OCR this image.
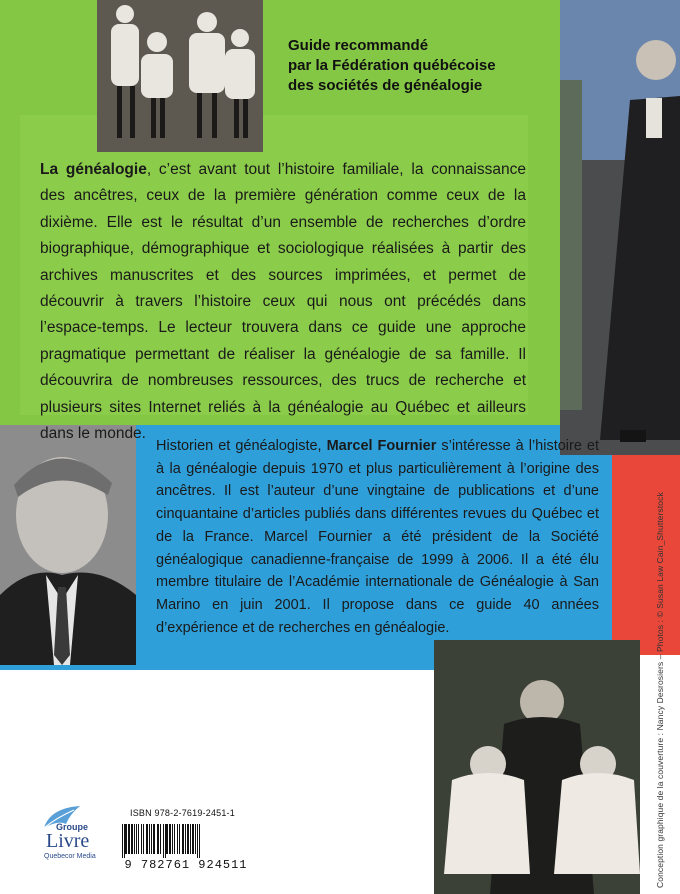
Guide recommandé
par la Fédération québécoise
des sociétés de généalogie
La généalogie, c’est avant tout l’histoire familiale, la connaissance des ancêtres, ceux de la première génération comme ceux de la dixième. Elle est le résultat d’un ensemble de recherches d’ordre biographique, démographique et sociologique réalisées à partir des archives manuscrites et des sources imprimées, et permet de découvrir à travers l’histoire ceux qui nous ont précédés dans l’espace-temps. Le lecteur trouvera dans ce guide une approche pragmatique permettant de réaliser la généalogie de sa famille. Il découvrira de nombreuses ressources, des trucs de recherche et plusieurs sites Internet reliés à la généalogie au Québec et ailleurs dans le monde.
Historien et généalogiste, Marcel Fournier s’intéresse à l’histoire et à la généalogie depuis 1970 et plus particulièrement à l’origine des ancêtres. Il est l’auteur d’une vingtaine de publications et d’une cinquantaine d’articles publiés dans différentes revues du Québec et de la France. Marcel Fournier a été président de la Société généalogique canadienne-française de 1999 à 2006. Il a été élu membre titulaire de l’Académie internationale de Généalogie à San Marino en juin 2001. Il propose dans ce guide 40 années d’expérience et de recherches en généalogie.	Conception graphique de la couverture : Nancy Desrosiers – Photos : © Susan Law Cain_Shutterstock
Groupe
Livre
Quebecor Media
ISBN 978-2-7619-2451-1
9 782761 924511
